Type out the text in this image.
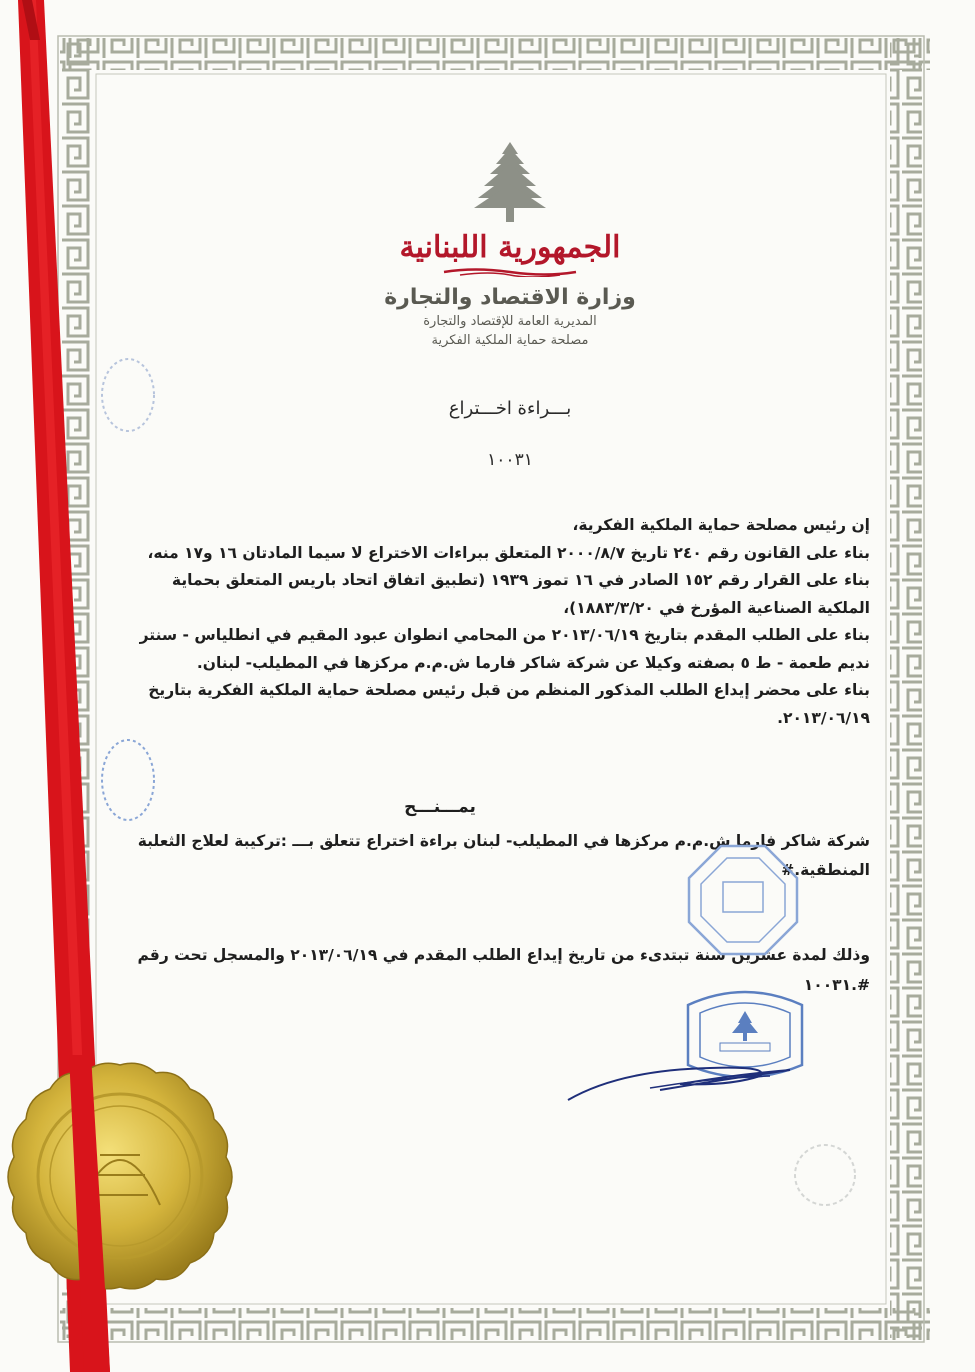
الجمهورية اللبنانية
وزارة الاقتصاد والتجارة
المديرية العامة للإقتصاد والتجارة
مصلحة حماية الملكية الفكرية
بـــراءة اخـــتراع
١٠٠٣١

إن رئيس مصلحة حماية الملكية الفكرية،

بناء على القانون رقم ٢٤٠ تاريخ ٢٠٠٠/٨/٧ المتعلق ببراءات الاختراع لا سيما المادتان ١٦ و١٧ منه،

بناء على القرار رقم ١٥٢ الصادر في ١٦ تموز ١٩٣٩ (تطبيق اتفاق اتحاد باريس المتعلق بحماية

الملكية الصناعية المؤرخ في ١٨٨٣/٣/٢٠)،

بناء على الطلب المقدم بتاريخ ٢٠١٣/٠٦/١٩ من المحامي انطوان عبود المقيم في انطلياس - سنتر

نديم طعمة - ط ٥ بصفته وكيلا عن شركة شاكر فارما ش.م.م مركزها في المطيلب- لبنان.

بناء على محضر إيداع الطلب المذكور المنظم من قبل رئيس مصلحة حماية الملكية الفكرية بتاريخ

٢٠١٣/٠٦/١٩.

يمـــنـــح

شركة شاكر فارما ش.م.م مركزها في المطيلب- لبنان براءة اختراع تتعلق بـــ :تركيبة لعلاج الثعلبة

المنطقية.#

وذلك لمدة عشرين سنة تبتدىء من تاريخ إيداع الطلب المقدم في ٢٠١٣/٠٦/١٩ والمسجل تحت رقم

#.١٠٠٣١
